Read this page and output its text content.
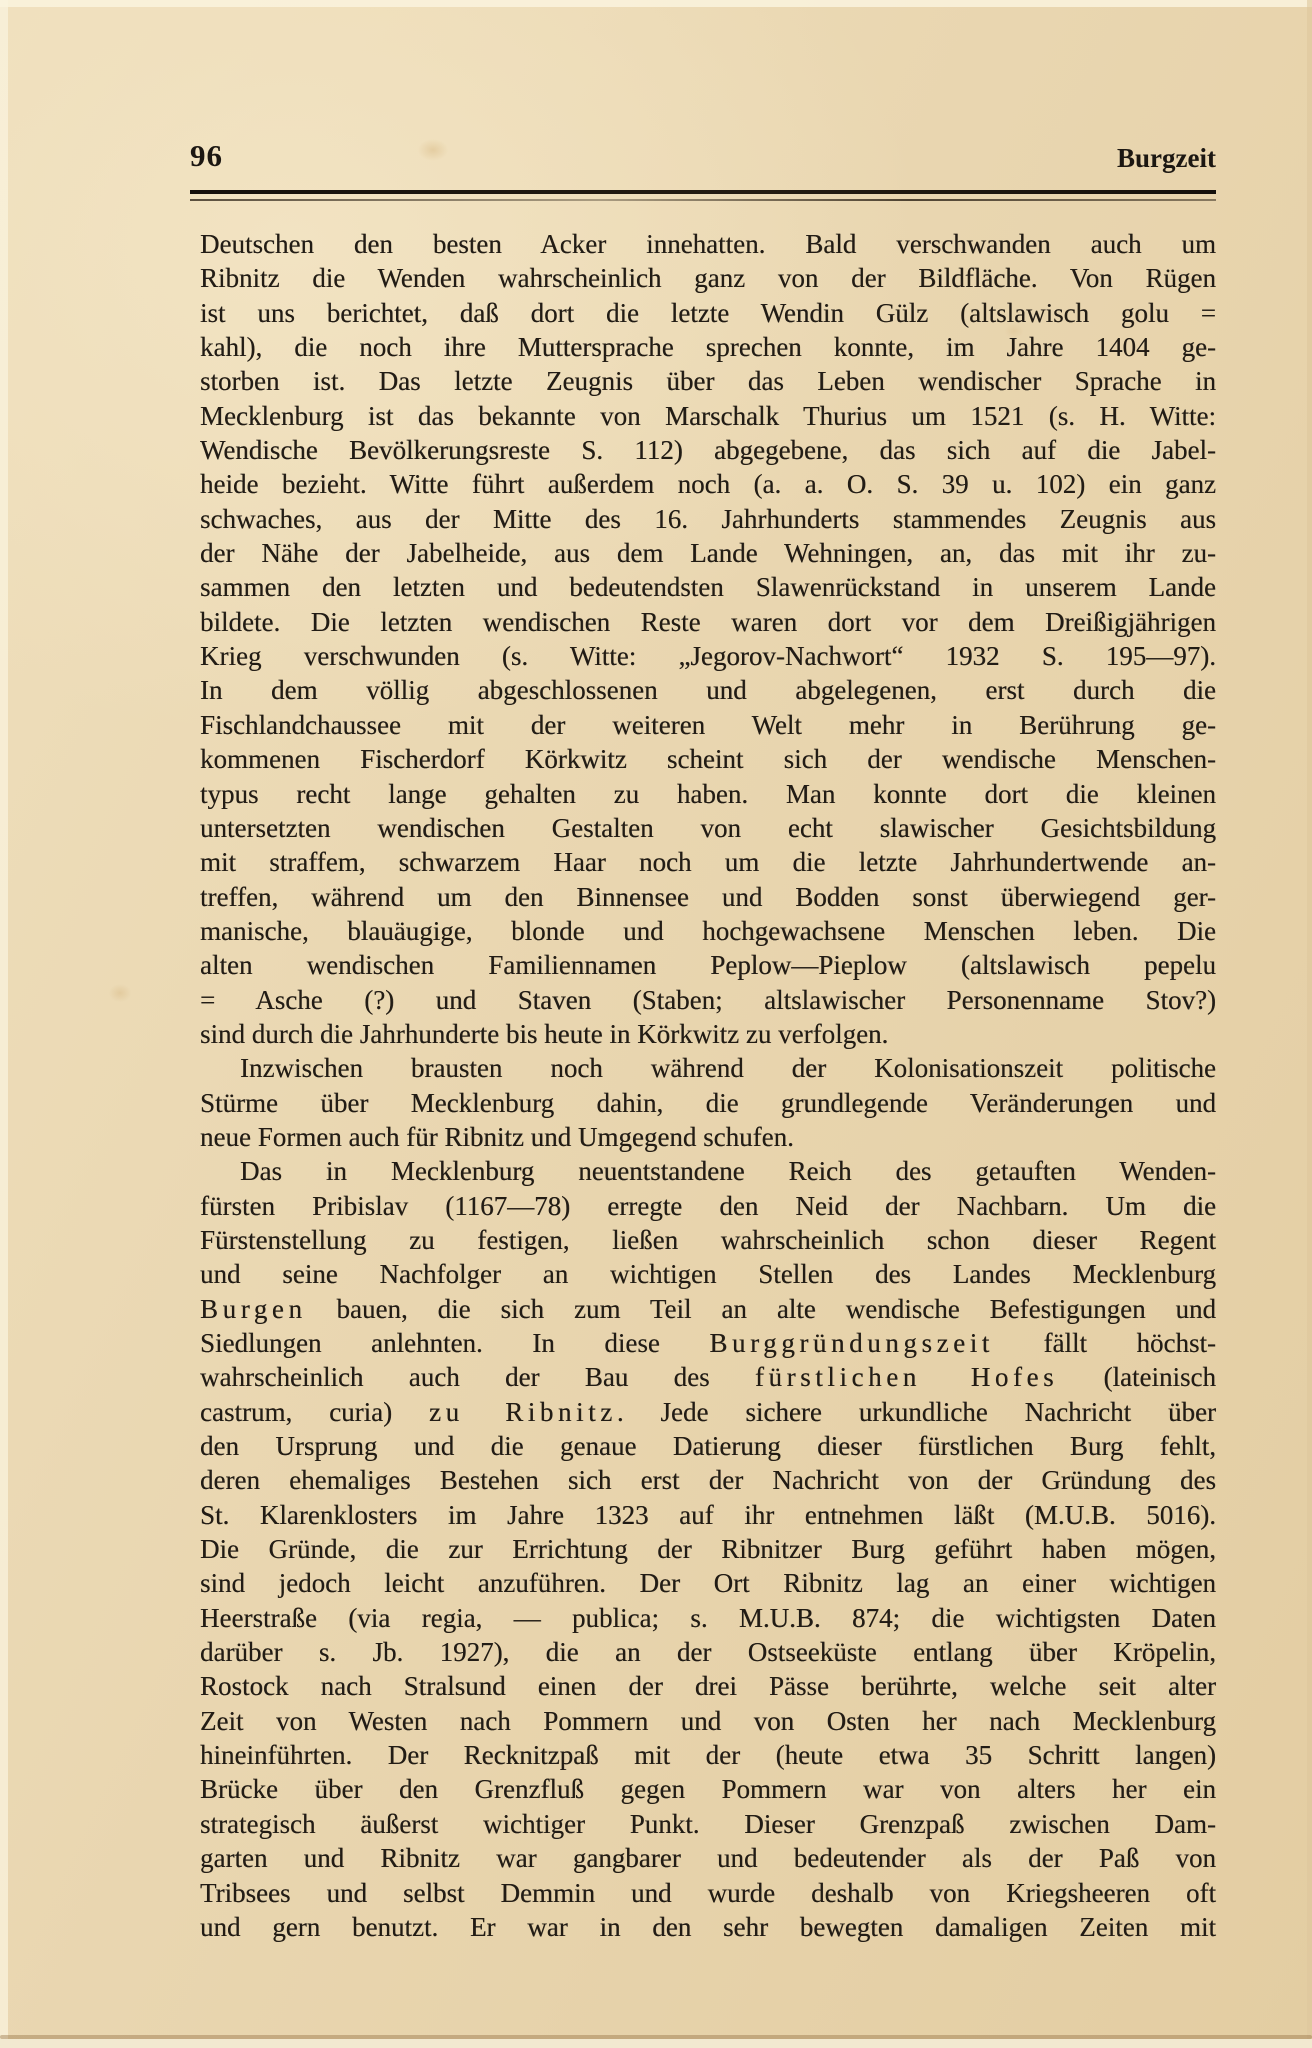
96	Burgzeit
Deutschen den besten Acker innehatten. Bald verschwanden auch um
Ribnitz die Wenden wahrscheinlich ganz von der Bildfläche. Von Rügen
ist uns berichtet, daß dort die letzte Wendin Gülz (altslawisch golu =
kahl), die noch ihre Muttersprache sprechen konnte, im Jahre 1404 ge-
storben ist. Das letzte Zeugnis über das Leben wendischer Sprache in
Mecklenburg ist das bekannte von Marschalk Thurius um 1521 (s. H. Witte:
Wendische Bevölkerungsreste S. 112) abgegebene, das sich auf die Jabel-
heide bezieht. Witte führt außerdem noch (a. a. O. S. 39 u. 102) ein ganz
schwaches, aus der Mitte des 16. Jahrhunderts stammendes Zeugnis aus
der Nähe der Jabelheide, aus dem Lande Wehningen, an, das mit ihr zu-
sammen den letzten und bedeutendsten Slawenrückstand in unserem Lande
bildete. Die letzten wendischen Reste waren dort vor dem Dreißigjährigen
Krieg verschwunden (s. Witte: „Jegorov-Nachwort“ 1932 S. 195—97).
In dem völlig abgeschlossenen und abgelegenen, erst durch die
Fischlandchaussee mit der weiteren Welt mehr in Berührung ge-
kommenen Fischerdorf Körkwitz scheint sich der wendische Menschen-
typus recht lange gehalten zu haben. Man konnte dort die kleinen
untersetzten wendischen Gestalten von echt slawischer Gesichtsbildung
mit straffem, schwarzem Haar noch um die letzte Jahrhundertwende an-
treffen, während um den Binnensee und Bodden sonst überwiegend ger-
manische, blauäugige, blonde und hochgewachsene Menschen leben. Die
alten wendischen Familiennamen Peplow—Pieplow (altslawisch pepelu
= Asche (?) und Staven (Staben; altslawischer Personenname Stov?)
sind durch die Jahrhunderte bis heute in Körkwitz zu verfolgen.
Inzwischen brausten noch während der Kolonisationszeit politische
Stürme über Mecklenburg dahin, die grundlegende Veränderungen und
neue Formen auch für Ribnitz und Umgegend schufen.
Das in Mecklenburg neuentstandene Reich des getauften Wenden-
fürsten Pribislav (1167—78) erregte den Neid der Nachbarn. Um die
Fürstenstellung zu festigen, ließen wahrscheinlich schon dieser Regent
und seine Nachfolger an wichtigen Stellen des Landes Mecklenburg
Burgen bauen, die sich zum Teil an alte wendische Befestigungen und
Siedlungen anlehnten. In diese Burggründungszeit fällt höchst-
wahrscheinlich auch der Bau des fürstlichen Hofes (lateinisch
castrum, curia) zu Ribnitz. Jede sichere urkundliche Nachricht über
den Ursprung und die genaue Datierung dieser fürstlichen Burg fehlt,
deren ehemaliges Bestehen sich erst der Nachricht von der Gründung des
St. Klarenklosters im Jahre 1323 auf ihr entnehmen läßt (M.U.B. 5016).
Die Gründe, die zur Errichtung der Ribnitzer Burg geführt haben mögen,
sind jedoch leicht anzuführen. Der Ort Ribnitz lag an einer wichtigen
Heerstraße (via regia, — publica; s. M.U.B. 874; die wichtigsten Daten
darüber s. Jb. 1927), die an der Ostseeküste entlang über Kröpelin,
Rostock nach Stralsund einen der drei Pässe berührte, welche seit alter
Zeit von Westen nach Pommern und von Osten her nach Mecklenburg
hineinführten. Der Recknitzpaß mit der (heute etwa 35 Schritt langen)
Brücke über den Grenzfluß gegen Pommern war von alters her ein
strategisch äußerst wichtiger Punkt. Dieser Grenzpaß zwischen Dam-
garten und Ribnitz war gangbarer und bedeutender als der Paß von
Tribsees und selbst Demmin und wurde deshalb von Kriegsheeren oft
und gern benutzt. Er war in den sehr bewegten damaligen Zeiten mit
